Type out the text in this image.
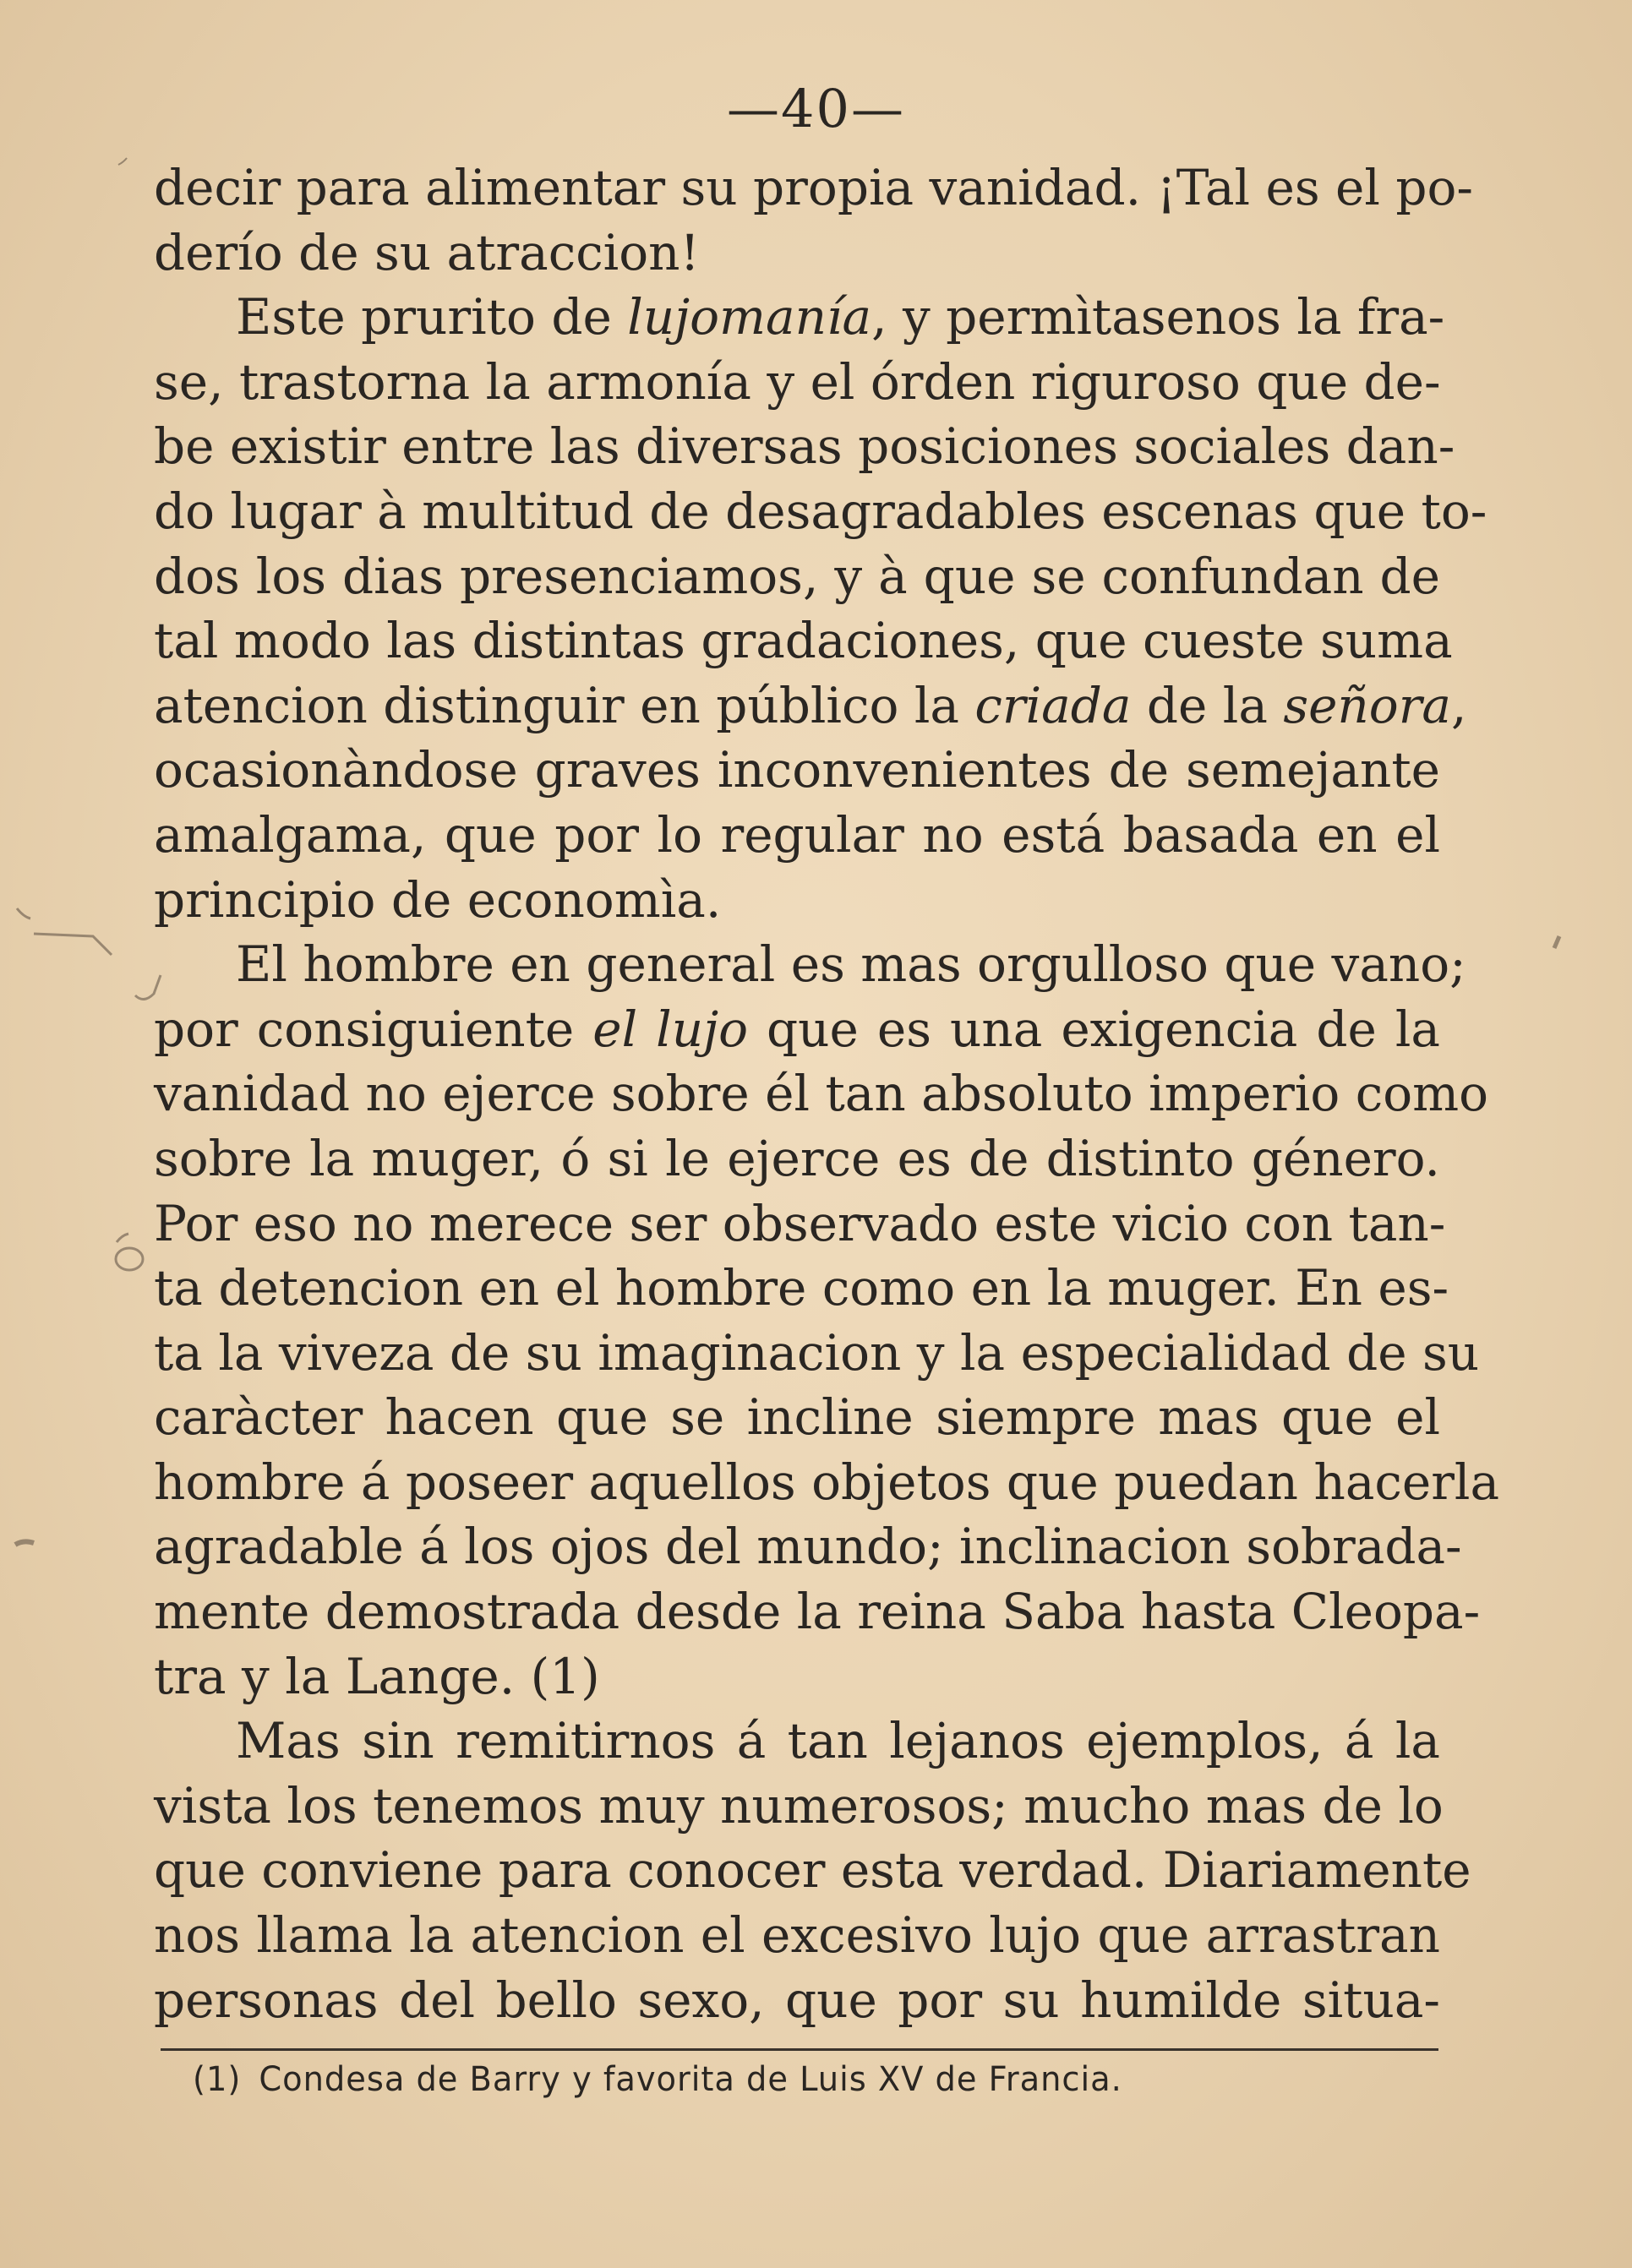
—40—
decir para alimentar su propia vanidad. ¡Tal es el po-
derío de su atraccion!
Este prurito de lujomanía, y permìtasenos la fra-
se, trastorna la armonía y el órden riguroso que de-
be existir entre las diversas posiciones sociales dan-
do lugar à multitud de desagradables escenas que to-
dos los dias presenciamos, y à que se confundan de
tal modo las distintas gradaciones, que cueste suma
atencion distinguir en público la criada de la señora,
ocasionàndose graves inconvenientes de semejante
amalgama, que por lo regular no está basada en el
principio de economìa.
El hombre en general es mas orgulloso que vano;
por consiguiente el lujo que es una exigencia de la
vanidad no ejerce sobre él tan absoluto imperio como
sobre la muger, ó si le ejerce es de distinto género.
Por eso no merece ser observado este vicio con tan-
ta detencion en el hombre como en la muger. En es-
ta la viveza de su imaginacion y la especialidad de su
caràcter hacen que se incline siempre mas que el
hombre á poseer aquellos objetos que puedan hacerla
agradable á los ojos del mundo; inclinacion sobrada-
mente demostrada desde la reina Saba hasta Cleopa-
tra y la Lange. (1)
Mas sin remitirnos á tan lejanos ejemplos, á la
vista los tenemos muy numerosos; mucho mas de lo
que conviene para conocer esta verdad. Diariamente
nos llama la atencion el excesivo lujo que arrastran
personas del bello sexo, que por su humilde situa-
(1) Condesa de Barry y favorita de Luis XV de Francia.
